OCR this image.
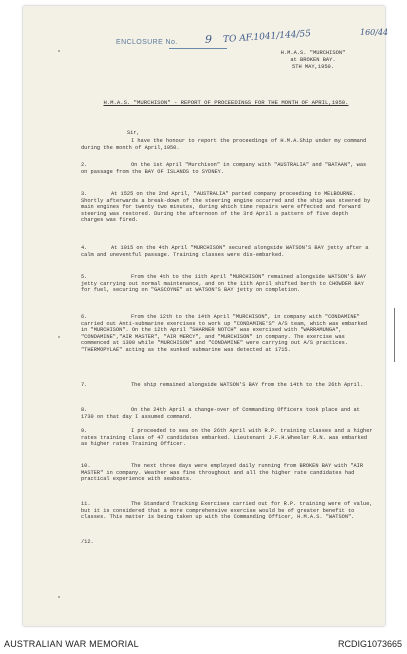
ENCLOSURE No. 9 TO AF.1041/144/55	160/44
H.M.A.S. "MURCHISON"
at BROKEN BAY.
5TH MAY,1950.
H.M.A.S. "MURCHISON" - REPORT OF PROCEEDINGS FOR THE MONTH OF APRIL,1950.
Sir,
I have the honour to report the proceedings of H.M.A.Ship under my command during the month of April,1950.
2.	On the 1st April "Murchison" in company with "AUSTRALIA" and "BATAAN", was on passage from the BAY OF ISLANDS to SYDNEY.
3.	At 1525 on the 2nd April, "AUSTRALIA" parted company proceeding to MELBOURNE. Shortly afterwards a break-down of the steering engine occurred and the ship was steered by main engines for twenty two minutes, during which time repairs were effected and forward steering was restored. During the afternoon of the 3rd April a pattern of five depth charges was fired.
4.	At 1015 on the 4th April "MURCHISON" secured alongside WATSON'S BAY jetty after a calm and uneventful passage. Training classes were dis-embarked.
5.	From the 4th to the 11th April "MURCHISON" remained alongside WATSON'S BAY jetty carrying out normal maintenance, and on the 11th April shifted berth to CHOWDER BAY for fuel, securing on "GASCOYNE" at WATSON'S BAY jetty on completion.
6.	From the 12th to the 14th April "MURCHISON", in company with "CONDAMINE" carried out Anti-submarine exercises to work up "CONDAMINE'S" A/S team, which was embarked in "MURCHISON". On the 12th April "SHARNER NOTCH" was exercised with "WARRAMUNGA", "CONDAMINE","AIR MASTER", "AIR MERCY", and "MURCHISON" in company. The exercise was commenced at 1300 while "MURCHISON" and "CONDAMINE" were carrying out A/S practices. "THERMOPYLAE" acting as the sunked submarine was detected at 1715.
7.	The ship remained alongside WATSON'S BAY from the 14th to the 26th April.
8.	On the 24th April a change-over of Commanding Officers took place and at 1730 on that day I assumed command.
9.	I proceeded to sea on the 26th April with R.P. training classes and a higher rates training class of 47 candidates embarked. Lieutenant J.F.H.Wheeler R.N. was embarked as higher rates Training Officer.
10.	The next three days were employed daily running from BROKEN BAY with "AIR MASTER" in company. Weather was fine throughout and all the higher rate candidates had practical experience with seaboats.
11.	The Standard Tracking Exercises carried out for R.P. training were of value, but it is considered that a more comprehensive exercise would be of greater benefit to classes. This matter is being taken up with the Commanding Officer, H.M.A.S. "WATSON".
/12.
AUSTRALIAN WAR MEMORIAL	RCDIG1073665
